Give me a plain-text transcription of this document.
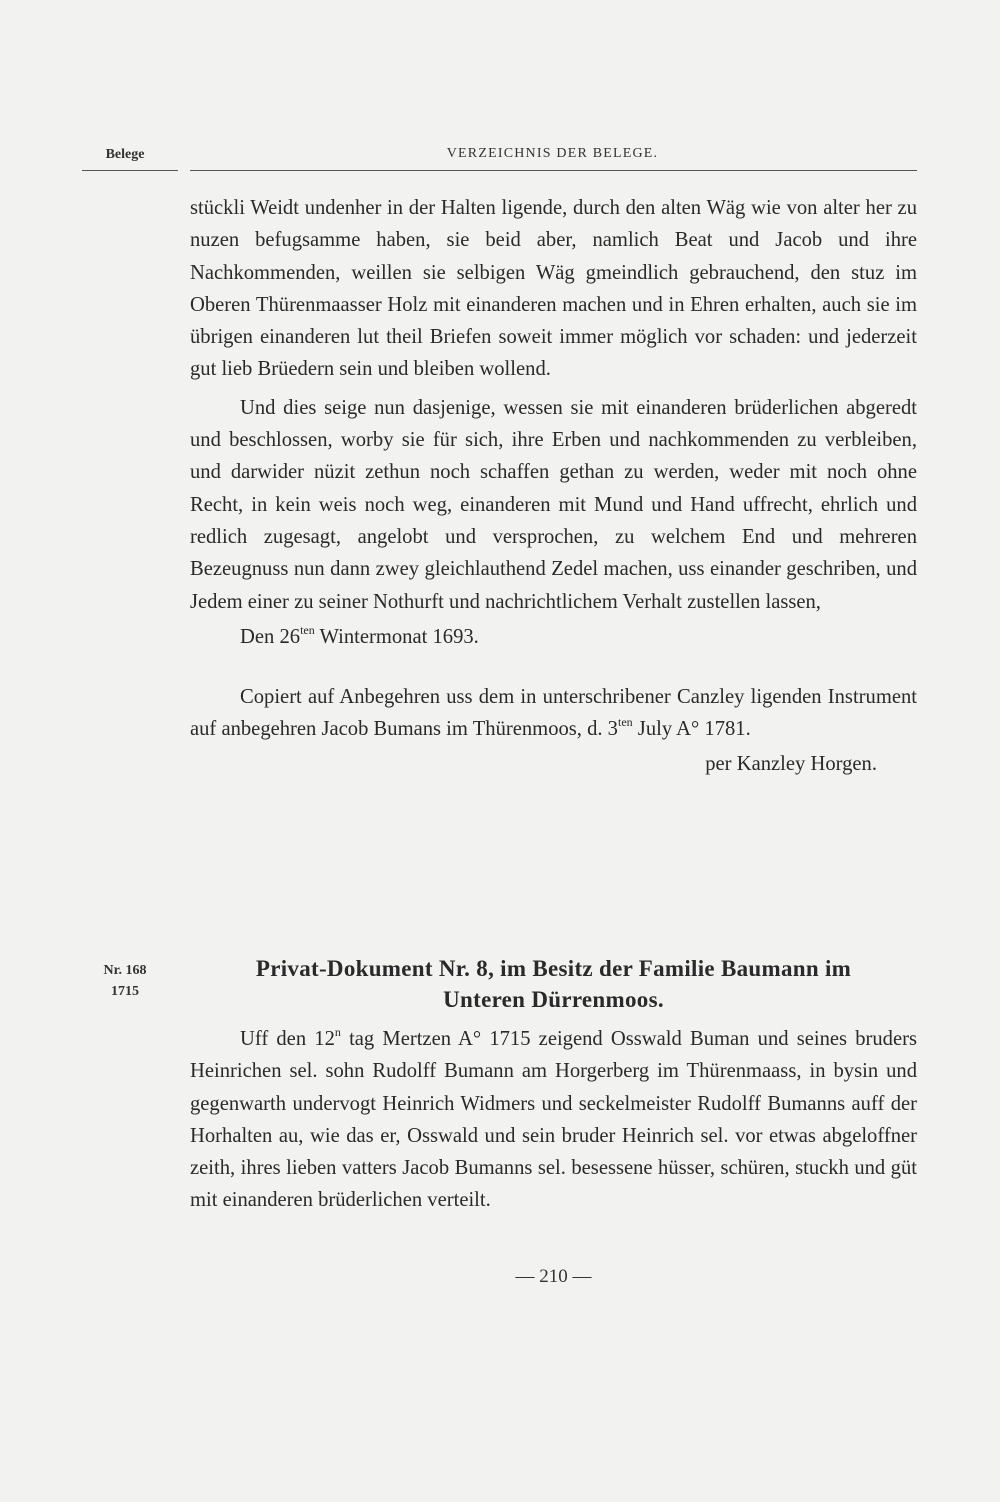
Belege	VERZEICHNIS DER BELEGE.

stückli Weidt undenher in der Halten ligende, durch den alten Wäg wie von alter her zu nuzen befugsamme haben, sie beid aber, namlich Beat und Jacob und ihre Nachkommenden, weillen sie selbigen Wäg gmeindlich gebrauchend, den stuz im Oberen Thürenmaasser Holz mit einanderen machen und in Ehren erhalten, auch sie im übrigen einanderen lut theil Briefen soweit immer möglich vor schaden: und jederzeit gut lieb Brüedern sein und bleiben wollend.

Und dies seige nun dasjenige, wessen sie mit einanderen brüderlichen abgeredt und beschlossen, worby sie für sich, ihre Erben und nachkommenden zu verbleiben, und darwider nüzit zethun noch schaffen gethan zu werden, weder mit noch ohne Recht, in kein weis noch weg, einanderen mit Mund und Hand uffrecht, ehrlich und redlich zugesagt, angelobt und versprochen, zu welchem End und mehreren Bezeugnuss nun dann zwey gleichlauthend Zedel machen, uss einander geschriben, und Jedem einer zu seiner Nothurft und nachrichtlichem Verhalt zustellen lassen,

Den $26^{ten}$ Wintermonat 1693.

Copiert auf Anbegehren uss dem in unterschribener Canzley ligenden Instrument auf anbegehren Jacob Bumans im Thürenmoos, d. $3^{ten}$ July A° 1781.

per Kanzley Horgen.

Nr. 168
1715
Privat-Dokument Nr. 8, im Besitz der Familie Baumann im
Unteren Dürrenmoos.

Uff den 12$^n$ tag Mertzen A° 1715 zeigend Osswald Buman und seines bruders Heinrichen sel. sohn Rudolff Bumann am Horgerberg im Thürenmaass, in bysin und gegenwarth undervogt Heinrich Widmers und seckelmeister Rudolff Bumanns auff der Horhalten au, wie das er, Osswald und sein bruder Heinrich sel. vor etwas abgeloffner zeith, ihres lieben vatters Jacob Bumanns sel. besessene hüsser, schüren, stuckh und güt mit einanderen brüderlichen verteilt.

— 210 —
